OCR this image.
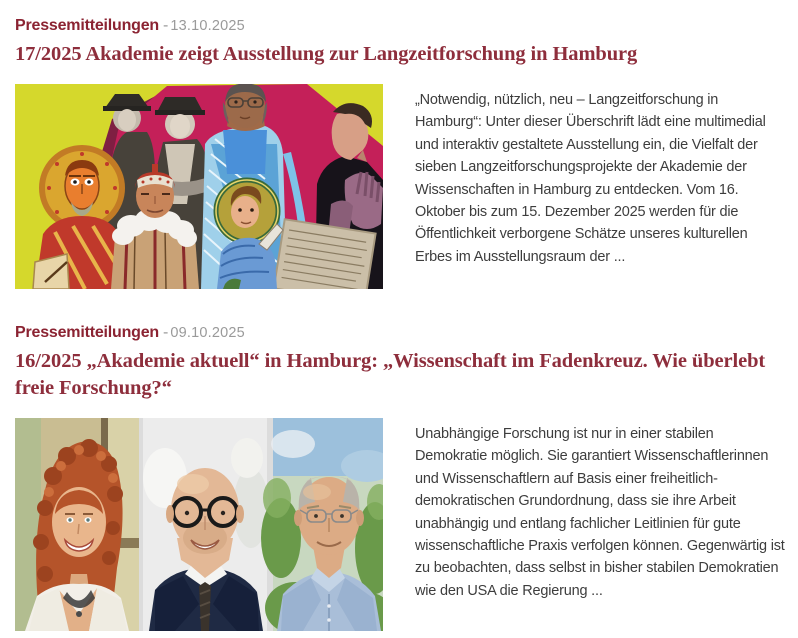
Pressemitteilungen - 13.10.2025
17/2025 Akademie zeigt Ausstellung zur Langzeitforschung in Hamburg

„Notwendig, nützlich, neu – Langzeitforschung in Hamburg“: Unter dieser Überschrift lädt eine multimedial und interaktiv gestaltete Ausstellung ein, die Vielfalt der sieben Langzeitforschungsprojekte der Akademie der Wissenschaften in Hamburg zu entdecken. Vom 16. Oktober bis zum 15. Dezember 2025 werden für die Öffentlichkeit verborgene Schätze unseres kulturellen Erbes im Ausstellungsraum der ...

Pressemitteilungen - 09.10.2025
16/2025 „Akademie aktuell“ in Hamburg: „Wissenschaft im Fadenkreuz. Wie überlebt freie Forschung?“

Unabhängige Forschung ist nur in einer stabilen Demokratie möglich. Sie garantiert Wissenschaftlerinnen und Wissenschaftlern auf Basis einer freiheitlich-demokratischen Grundordnung, dass sie ihre Arbeit unabhängig und entlang fachlicher Leitlinien für gute wissenschaftliche Praxis verfolgen können. Gegenwärtig ist zu beobachten, dass selbst in bisher stabilen Demokratien wie den USA die Regierung ...
